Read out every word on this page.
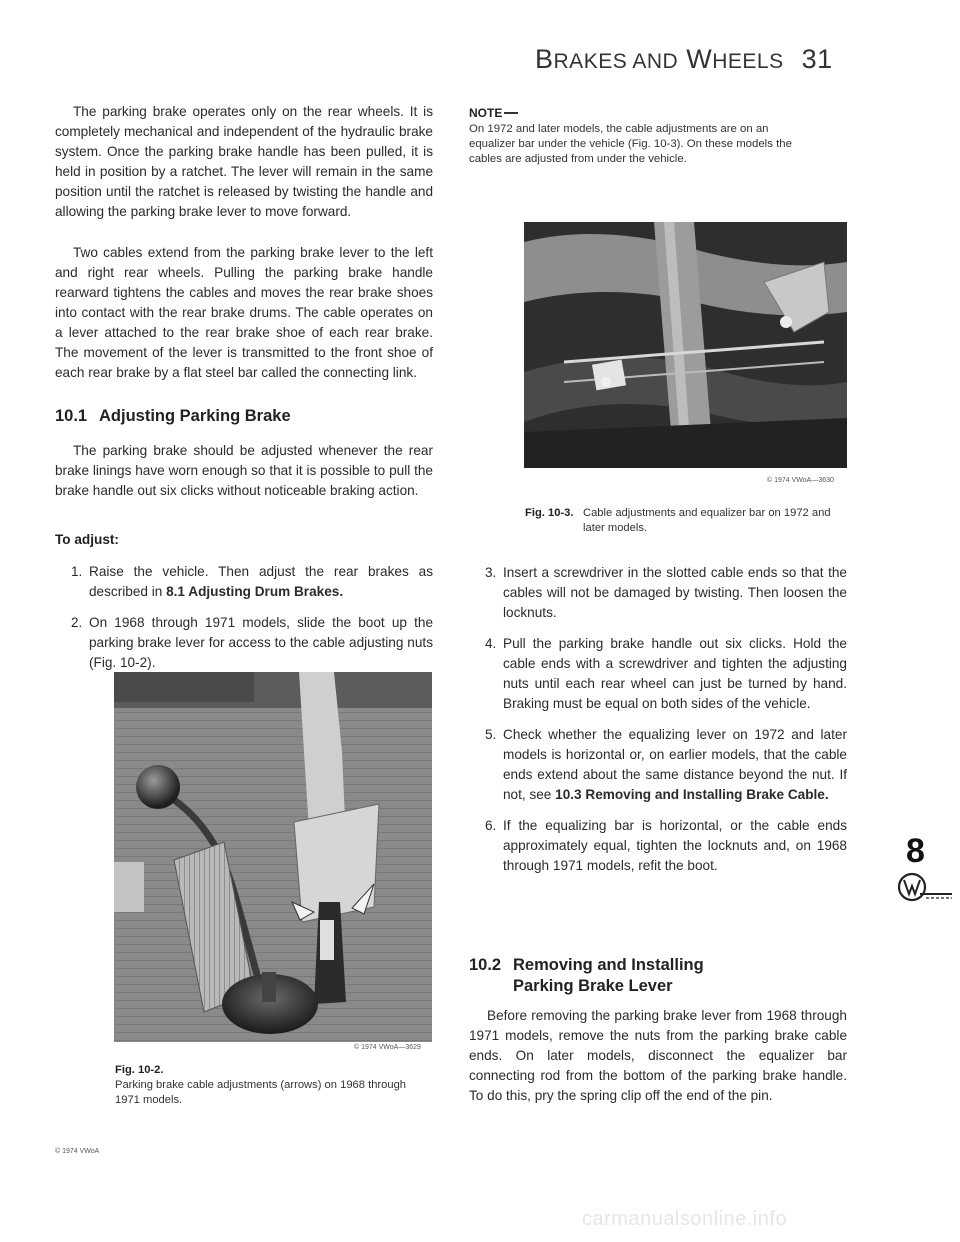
BRAKES AND WHEELS 31

The parking brake operates only on the rear wheels. It is completely mechanical and independent of the hydraulic brake system. Once the parking brake handle has been pulled, it is held in position by a ratchet. The lever will remain in the same position until the ratchet is released by twisting the handle and allowing the parking brake lever to move forward.

Two cables extend from the parking brake lever to the left and right rear wheels. Pulling the parking brake handle rearward tightens the cables and moves the rear brake shoes into contact with the rear brake drums. The cable operates on a lever attached to the rear brake shoe of each rear brake. The movement of the lever is transmitted to the front shoe of each rear brake by a flat steel bar called the connecting link.

10.1 Adjusting Parking Brake

The parking brake should be adjusted whenever the rear brake linings have worn enough so that it is possible to pull the brake handle out six clicks without noticeable braking action.

To adjust:
1. Raise the vehicle. Then adjust the rear brakes as described in 8.1 Adjusting Drum Brakes.
2. On 1968 through 1971 models, slide the boot up the parking brake lever for access to the cable adjusting nuts (Fig. 10-2).
© 1974 VWoA—3629
Fig. 10-2.Parking brake cable adjustments (arrows) on 1968 through 1971 models.
© 1974 VWoA
NOTE
On 1972 and later models, the cable adjustments are on an equalizer bar under the vehicle (Fig. 10-3). On these models the cables are adjusted from under the vehicle.
© 1974 VWoA—3630
Fig. 10-3. Cable adjustments and equalizer bar on 1972 and later models.
3. Insert a screwdriver in the slotted cable ends so that the cables will not be damaged by twisting. Then loosen the locknuts.
4. Pull the parking brake handle out six clicks. Hold the cable ends with a screwdriver and tighten the adjusting nuts until each rear wheel can just be turned by hand. Braking must be equal on both sides of the vehicle.
5. Check whether the equalizing lever on 1972 and later models is horizontal or, on earlier models, that the cable ends extend about the same distance beyond the nut. If not, see 10.3 Removing and Installing Brake Cable.
6. If the equalizing bar is horizontal, or the cable ends approximately equal, tighten the locknuts and, on 1968 through 1971 models, refit the boot.
10.2 Removing and Installing
Parking Brake Lever

Before removing the parking brake lever from 1968 through 1971 models, remove the nuts from the parking brake cable ends. On later models, disconnect the equalizer bar connecting rod from the bottom of the parking brake handle. To do this, pry the spring clip off the end of the pin.

8
carmanualsonline.info
